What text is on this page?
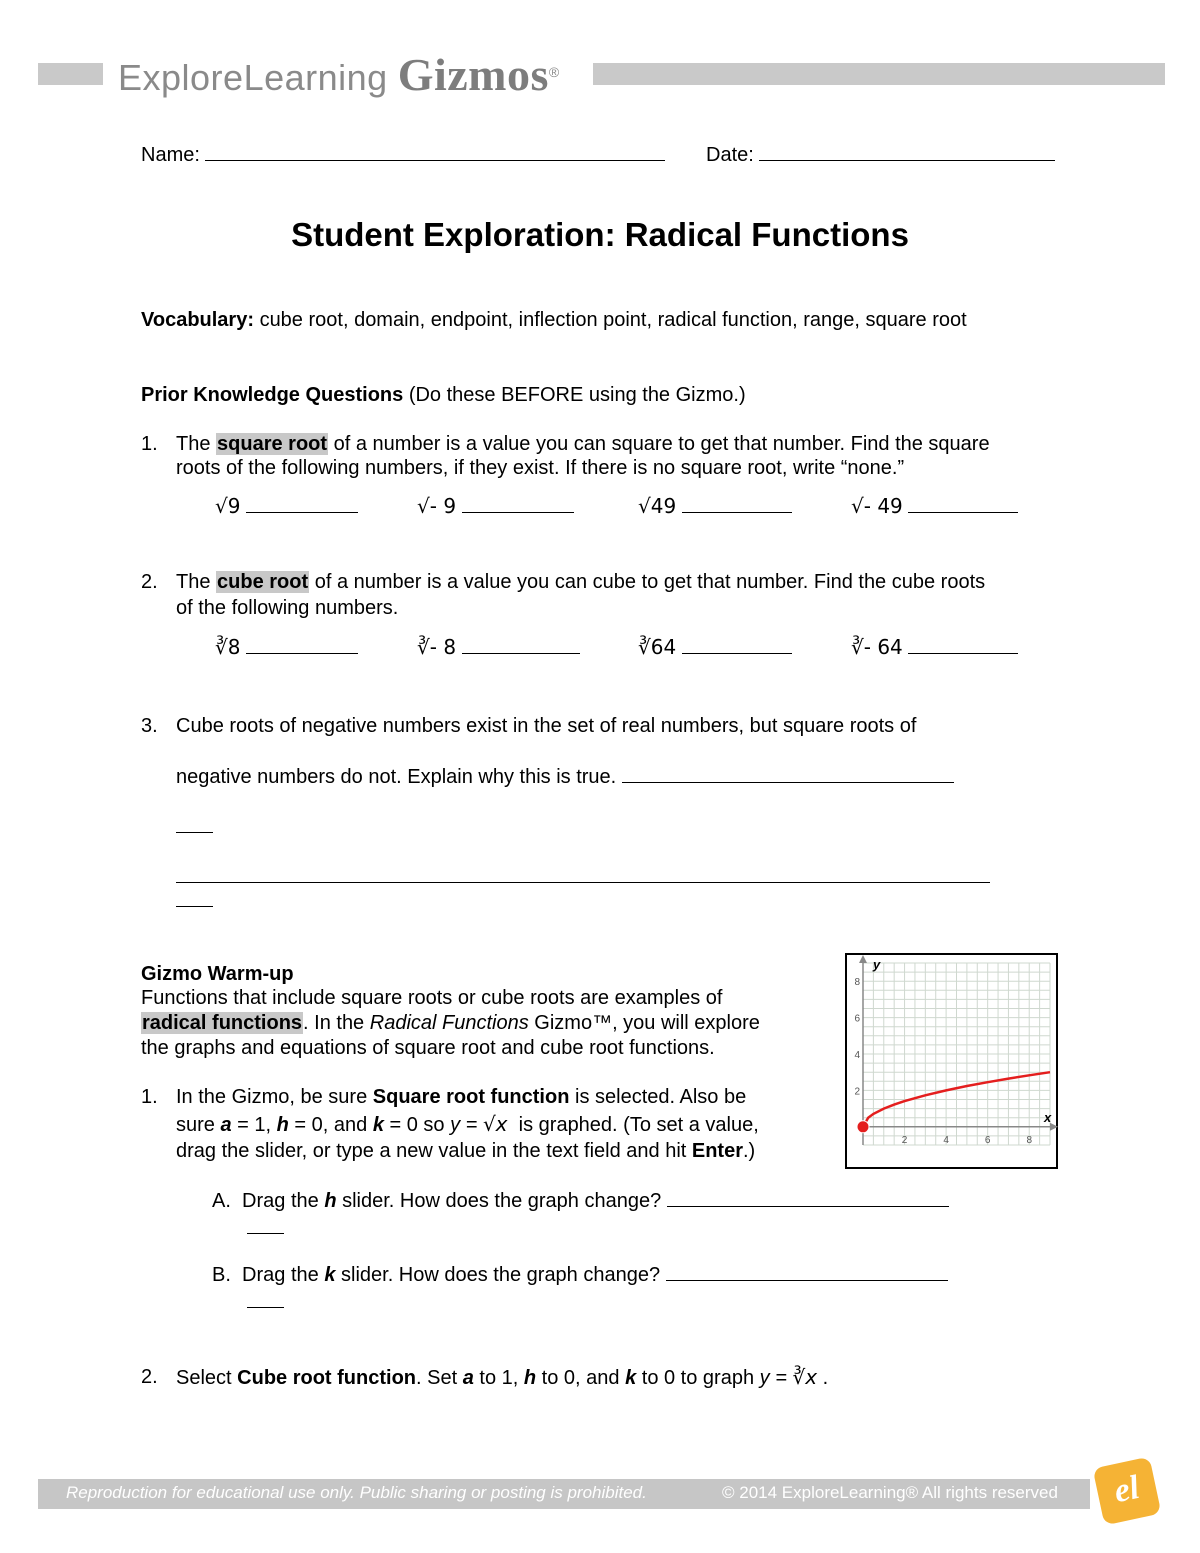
ExploreLearning Gizmos®
Name:	Date:
Student Exploration: Radical Functions
Vocabulary: cube root, domain, endpoint, inflection point, radical function, range, square root
Prior Knowledge Questions (Do these BEFORE using the Gizmo.)
1. The square root of a number is a value you can square to get that number. Find the square
roots of the following numbers, if they exist. If there is no square root, write “none.”
√9	√- 9	√49	√- 49
2. The cube root of a number is a value you can cube to get that number. Find the cube roots
of the following numbers.
∛8	∛- 8	∛64	∛- 64
3. Cube roots of negative numbers exist in the set of real numbers, but square roots of
negative numbers do not. Explain why this is true.
Gizmo Warm-up
Functions that include square roots or cube roots are examples of
radical functions. In the Radical Functions Gizmo™, you will explore
the graphs and equations of square root and cube root functions.
2	4	6	8
2
4
6
8
x
y
1. In the Gizmo, be sure Square root function is selected. Also be
sure a = 1, h = 0, and k = 0 so y = √x is graphed. (To set a value,
drag the slider, or type a new value in the text field and hit Enter.)
A. Drag the h slider. How does the graph change?
B. Drag the k slider. How does the graph change?
2. Select Cube root function. Set a to 1, h to 0, and k to 0 to graph y = ∛x .
Reproduction for educational use only. Public sharing or posting is prohibited.	© 2014 ExploreLearning® All rights reserved	el
